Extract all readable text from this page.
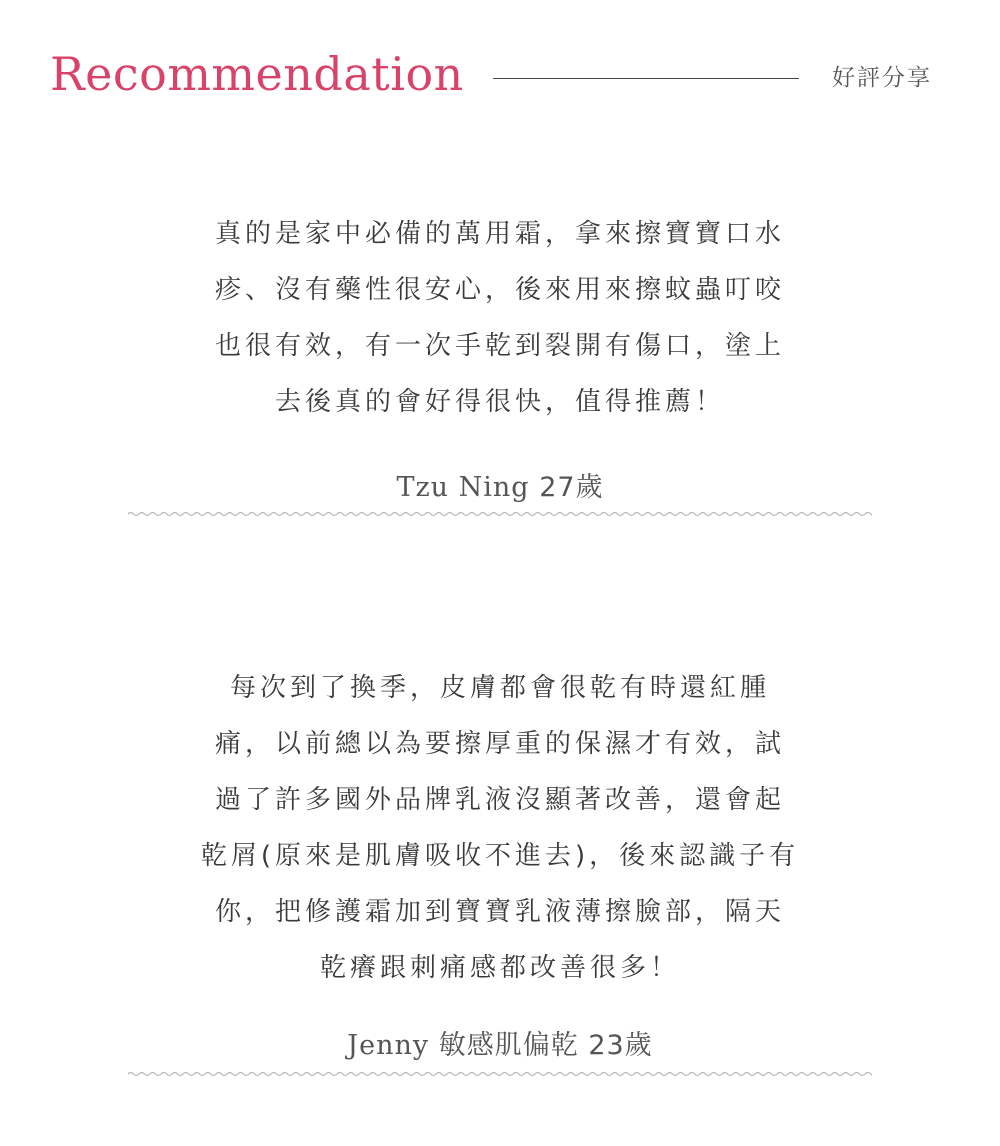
Recommendation	好評分享
真的是家中必備的萬用霜，拿來擦寶寶口水
疹、沒有藥性很安心，後來用來擦蚊蟲叮咬
也很有效，有一次手乾到裂開有傷口，塗上
去後真的會好得很快，值得推薦！
Tzu Ning 27歲
每次到了換季，皮膚都會很乾有時還紅腫
痛，以前總以為要擦厚重的保濕才有效，試
過了許多國外品牌乳液沒顯著改善，還會起
乾屑(原來是肌膚吸收不進去)，後來認識子有
你，把修護霜加到寶寶乳液薄擦臉部，隔天
乾癢跟刺痛感都改善很多！
Jenny 敏感肌偏乾 23歲
